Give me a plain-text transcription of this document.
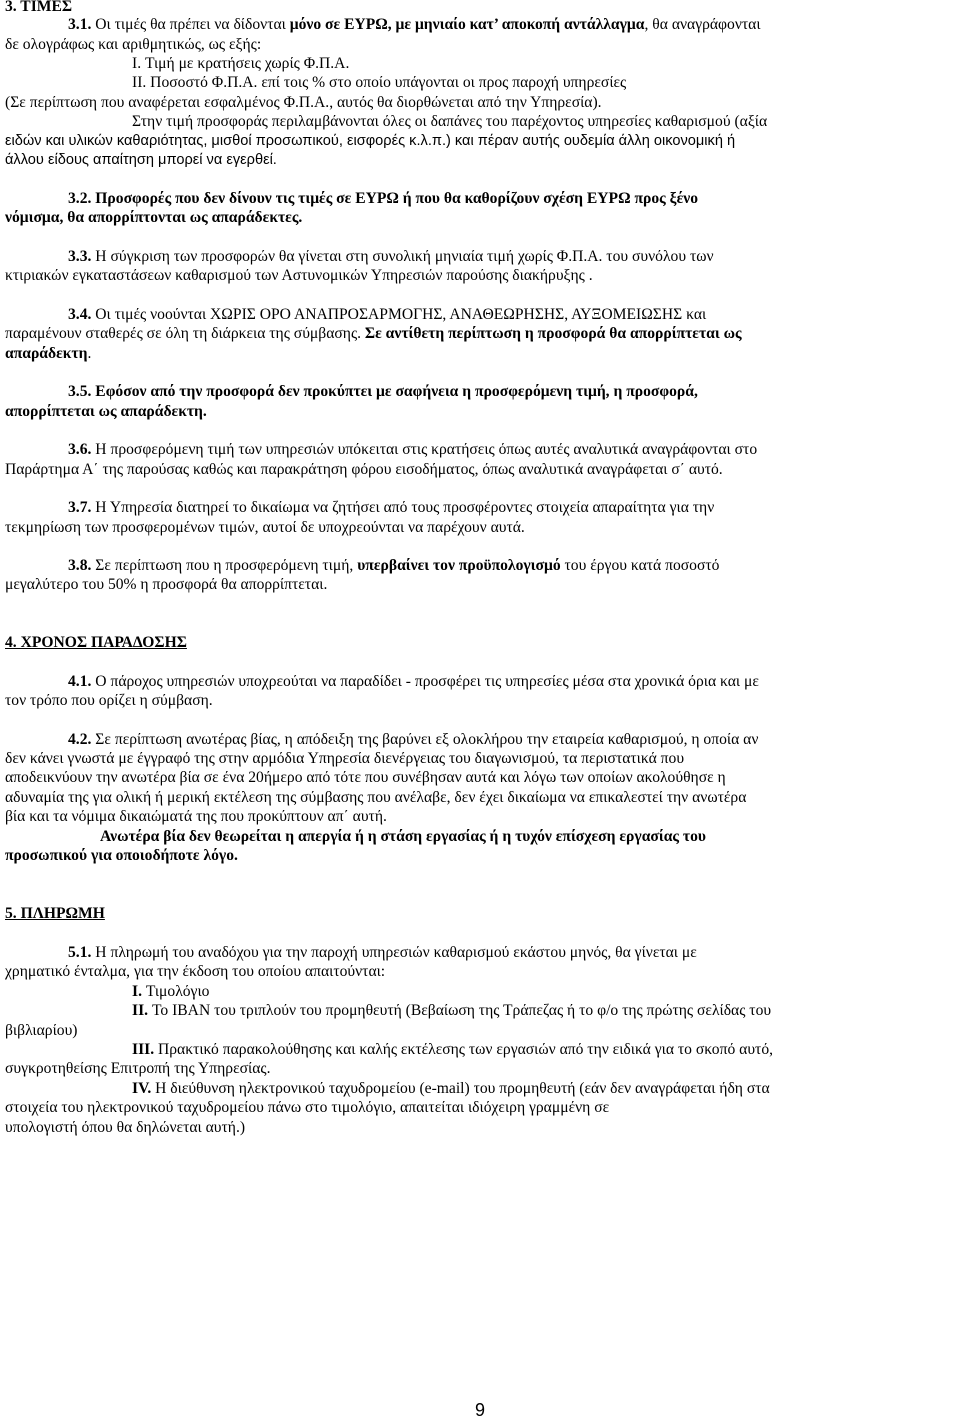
3. ΤΙΜΕΣ
3.1. Οι τιμές θα πρέπει να δίδονται μόνο σε ΕΥΡΩ, με μηνιαίο κατ’ αποκοπή αντάλλαγμα, θα αναγράφονται
δε ολογράφως και αριθμητικώς, ως εξής:
I. Τιμή με κρατήσεις χωρίς Φ.Π.Α.
II. Ποσοστό Φ.Π.Α. επί τοις % στο οποίο υπάγονται οι προς παροχή υπηρεσίες
(Σε περίπτωση που αναφέρεται εσφαλμένος Φ.Π.Α., αυτός θα διορθώνεται από την Υπηρεσία).
Στην τιμή προσφοράς περιλαμβάνονται όλες οι δαπάνες του παρέχοντος υπηρεσίες καθαρισμού (αξία
ειδών και υλικών καθαριότητας, μισθοί προσωπικού, εισφορές κ.λ.π.) και πέραν αυτής ουδεμία άλλη οικονομική ή
άλλου είδους απαίτηση μπορεί να εγερθεί.
3.2. Προσφορές που δεν δίνουν τις τιμές σε ΕΥΡΩ ή που θα καθορίζουν σχέση ΕΥΡΩ προς ξένο
νόμισμα, θα απορρίπτονται ως απαράδεκτες.
3.3. Η σύγκριση των προσφορών θα γίνεται στη συνολική μηνιαία τιμή χωρίς Φ.Π.Α. του συνόλου των
κτιριακών εγκαταστάσεων καθαρισμού των Αστυνομικών Υπηρεσιών παρούσης διακήρυξης .
3.4. Οι τιμές νοούνται ΧΩΡΙΣ ΟΡΟ ΑΝΑΠΡΟΣΑΡΜΟΓΗΣ, ΑΝΑΘΕΩΡΗΣΗΣ, ΑΥΞΟΜΕΙΩΣΗΣ και
παραμένουν σταθερές σε όλη τη διάρκεια της σύμβασης. Σε αντίθετη περίπτωση η προσφορά θα απορρίπτεται ως
απαράδεκτη.
3.5. Εφόσον από την προσφορά δεν προκύπτει με σαφήνεια η προσφερόμενη τιμή, η προσφορά,
απορρίπτεται ως απαράδεκτη.
3.6. Η προσφερόμενη τιμή των υπηρεσιών υπόκειται στις κρατήσεις όπως αυτές αναλυτικά αναγράφονται στο
Παράρτημα Α΄ της παρούσας καθώς και παρακράτηση φόρου εισοδήματος, όπως αναλυτικά αναγράφεται σ΄ αυτό.
3.7. Η Υπηρεσία διατηρεί το δικαίωμα να ζητήσει από τους προσφέροντες στοιχεία απαραίτητα για την
τεκμηρίωση των προσφερομένων τιμών, αυτοί δε υποχρεούνται να παρέχουν αυτά.
3.8. Σε περίπτωση που η προσφερόμενη τιμή, υπερβαίνει τον προϋπολογισμό του έργου κατά ποσοστό
μεγαλύτερο του 50% η προσφορά θα απορρίπτεται.
4. ΧΡΟΝΟΣ ΠΑΡΑΔΟΣΗΣ
4.1. Ο πάροχος υπηρεσιών υποχρεούται να παραδίδει - προσφέρει τις υπηρεσίες μέσα στα χρονικά όρια και με
τον τρόπο που ορίζει η σύμβαση.
4.2. Σε περίπτωση ανωτέρας βίας, η απόδειξη της βαρύνει εξ ολοκλήρου την εταιρεία καθαρισμού, η οποία αν
δεν κάνει γνωστά με έγγραφό της στην αρμόδια Υπηρεσία διενέργειας του διαγωνισμού, τα περιστατικά που
αποδεικνύουν την ανωτέρα βία σε ένα 20ήμερο από τότε που συνέβησαν αυτά και λόγω των οποίων ακολούθησε η
αδυναμία της για ολική ή μερική εκτέλεση της σύμβασης που ανέλαβε, δεν έχει δικαίωμα να επικαλεστεί την ανωτέρα
βία και τα νόμιμα δικαιώματά της που προκύπτουν απ΄ αυτή.
Ανωτέρα βία δεν θεωρείται η απεργία ή η στάση εργασίας ή η τυχόν επίσχεση εργασίας του
προσωπικού για οποιοδήποτε λόγο.
5. ΠΛΗΡΩΜΗ
5.1. Η πληρωμή του αναδόχου για την παροχή υπηρεσιών καθαρισμού εκάστου μηνός, θα γίνεται με
χρηματικό ένταλμα, για την έκδοση του οποίου απαιτούνται:
I. Τιμολόγιο
II. Το IBAN του τριπλούν του προμηθευτή (Βεβαίωση της Τράπεζας ή το φ/ο της πρώτης σελίδας του
βιβλιαρίου)
III. Πρακτικό παρακολούθησης και καλής εκτέλεσης των εργασιών από την ειδικά για το σκοπό αυτό,
συγκροτηθείσης Επιτροπή της Υπηρεσίας.
IV. Η διεύθυνση ηλεκτρονικού ταχυδρομείου (e-mail) του προμηθευτή (εάν δεν αναγράφεται ήδη στα
στοιχεία του ηλεκτρονικού ταχυδρομείου πάνω στο τιμολόγιο, απαιτείται ιδιόχειρη γραμμένη σε
υπολογιστή όπου θα δηλώνεται αυτή.)
9
